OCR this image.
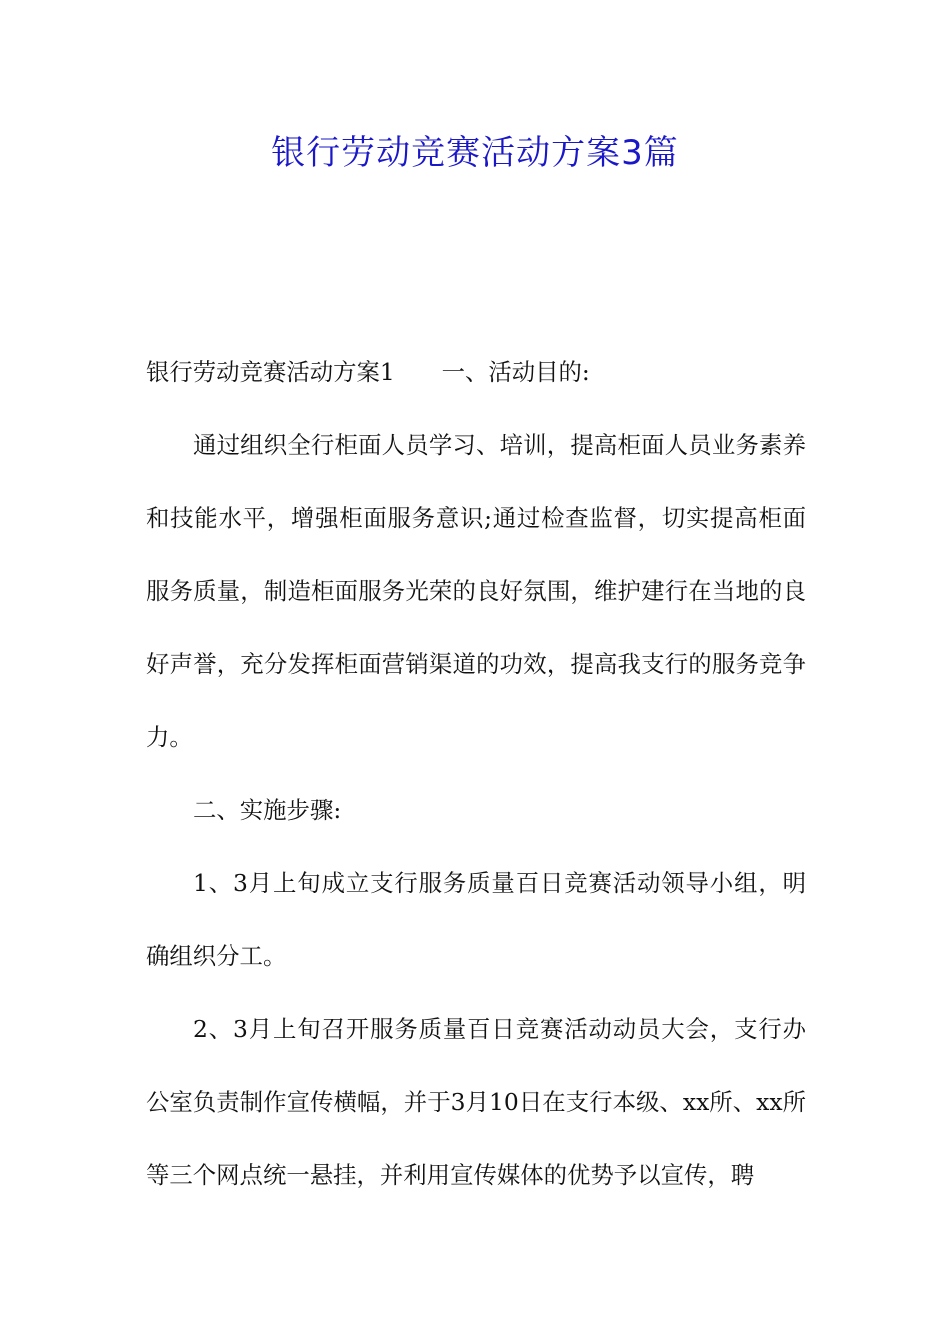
银行劳动竞赛活动方案3篇

银行劳动竞赛活动方案1　　一、活动目的:

通过组织全行柜面人员学习、培训，提高柜面人员业务素养和技能水平，增强柜面服务意识;通过检查监督，切实提高柜面服务质量，制造柜面服务光荣的良好氛围，维护建行在当地的良好声誉，充分发挥柜面营销渠道的功效，提高我支行的服务竞争力。

二、实施步骤:

1、3月上旬成立支行服务质量百日竞赛活动领导小组，明确组织分工。

2、3月上旬召开服务质量百日竞赛活动动员大会，支行办公室负责制作宣传横幅，并于3月10日在支行本级、xx所、xx所等三个网点统一悬挂，并利用宣传媒体的优势予以宣传，聘
